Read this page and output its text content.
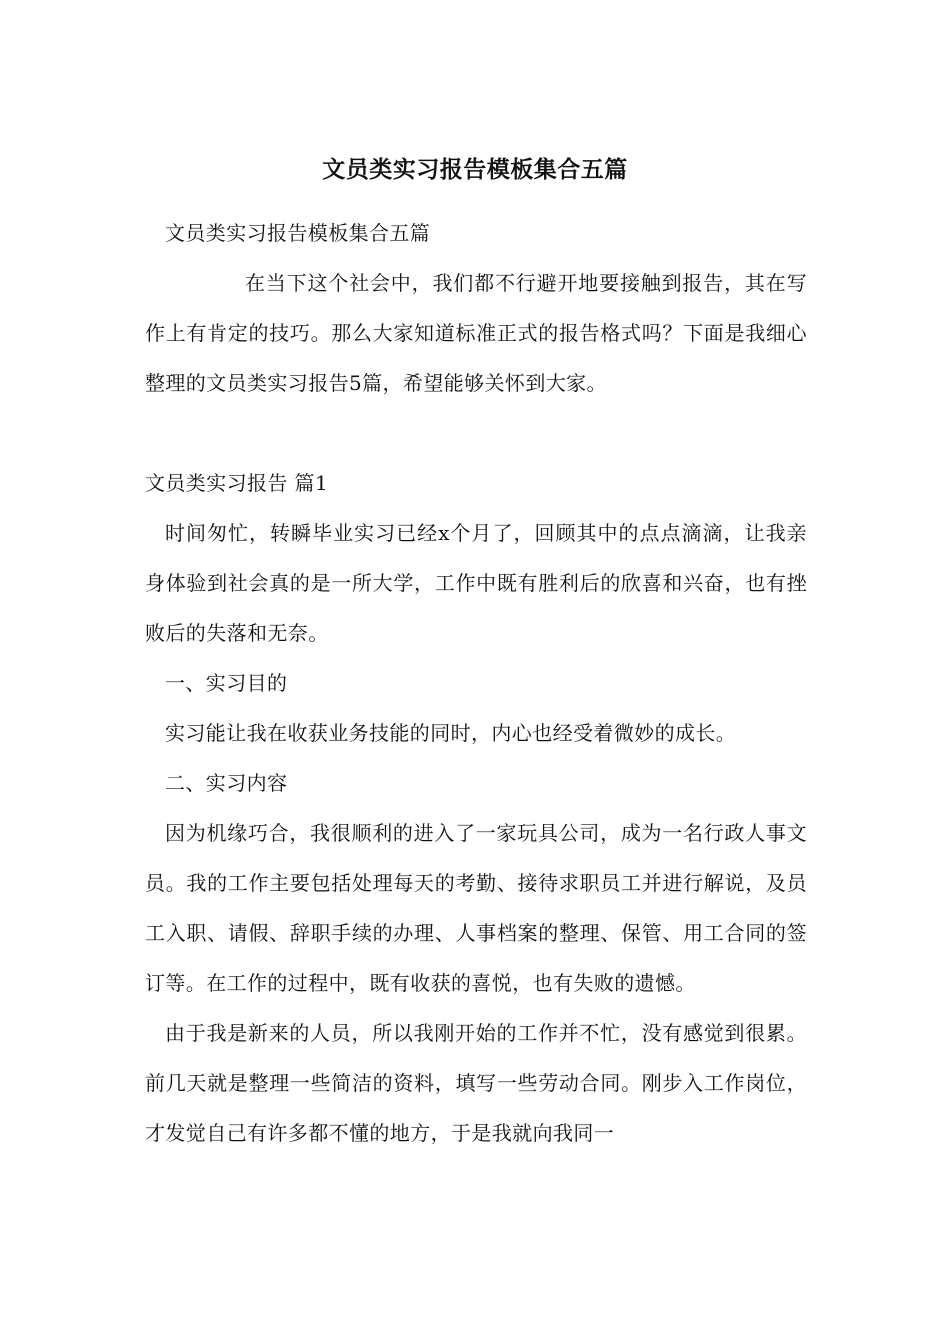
文员类实习报告模板集合五篇

文员类实习报告模板集合五篇

在当下这个社会中，我们都不行避开地要接触到报告，其在写作上有肯定的技巧。那么大家知道标准正式的报告格式吗？下面是我细心整理的文员类实习报告5篇，希望能够关怀到大家。

文员类实习报告 篇1

时间匆忙，转瞬毕业实习已经x个月了，回顾其中的点点滴滴，让我亲身体验到社会真的是一所大学，工作中既有胜利后的欣喜和兴奋，也有挫败后的失落和无奈。

一、实习目的

实习能让我在收获业务技能的同时，内心也经受着微妙的成长。

二、实习内容

因为机缘巧合，我很顺利的进入了一家玩具公司，成为一名行政人事文员。我的工作主要包括处理每天的考勤、接待求职员工并进行解说，及员工入职、请假、辞职手续的办理、人事档案的整理、保管、用工合同的签订等。在工作的过程中，既有收获的喜悦，也有失败的遗憾。

由于我是新来的人员，所以我刚开始的工作并不忙，没有感觉到很累。前几天就是整理一些简洁的资料，填写一些劳动合同。刚步入工作岗位，才发觉自己有许多都不懂的地方，于是我就向我同一
